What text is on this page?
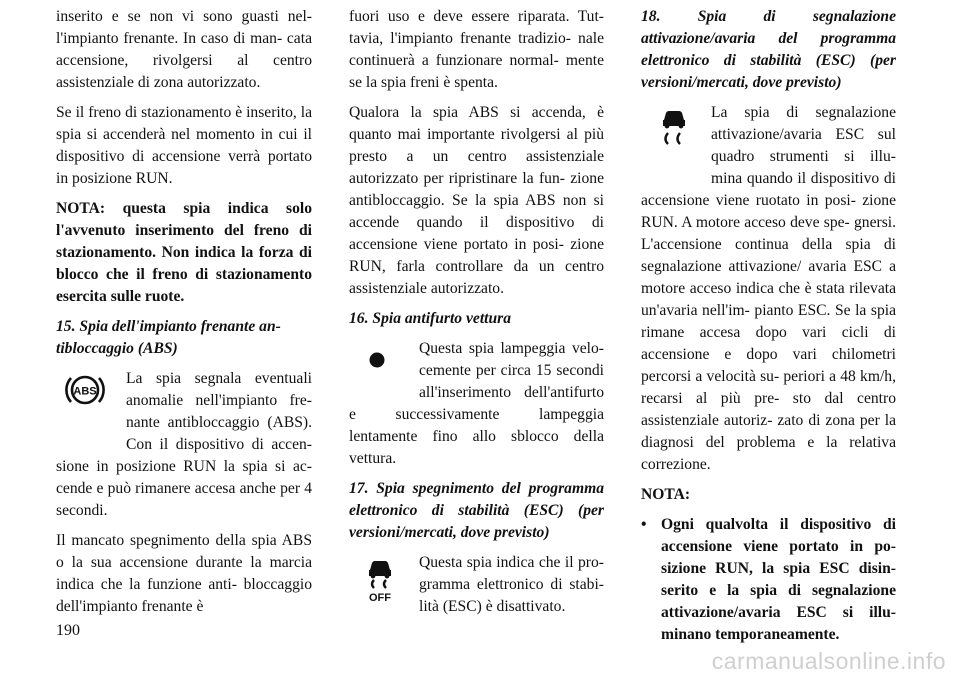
inserito e se non vi sono guasti nel- l'impianto frenante. In caso di man- cata accensione, rivolgersi al centro assistenziale di zona autorizzato.

Se il freno di stazionamento è inserito, la spia si accenderà nel momento in cui il dispositivo di accensione verrà portato in posizione RUN.

NOTA: questa spia indica solo l'avvenuto inserimento del freno di stazionamento. Non indica la forza di blocco che il freno di stazionamento esercita sulle ruote.

15. Spia dell'impianto frenante an- tibloccaggio (ABS)

ABS

La spia segnala eventuali anomalie nell'impianto fre- nante antibloccaggio (ABS). Con il dispositivo di accen- sione in posizione RUN la spia si ac- cende e può rimanere accesa anche per 4 secondi.

Il mancato spegnimento della spia ABS o la sua accensione durante la marcia indica che la funzione anti- bloccaggio dell'impianto frenante è

fuori uso e deve essere riparata. Tut- tavia, l'impianto frenante tradizio- nale continuerà a funzionare normal- mente se la spia freni è spenta.

Qualora la spia ABS si accenda, è quanto mai importante rivolgersi al più presto a un centro assistenziale autorizzato per ripristinare la fun- zione antibloccaggio. Se la spia ABS non si accende quando il dispositivo di accensione viene portato in posi- zione RUN, farla controllare da un centro assistenziale autorizzato.

16. Spia antifurto vettura

Questa spia lampeggia velo- cemente per circa 15 secondi all'inserimento dell'antifurto e successivamente lampeggia lentamente fino allo sblocco della vettura.

17. Spia spegnimento del programma elettronico di stabilità (ESC) (per versioni/mercati, dove previsto)

OFF

Questa spia indica che il pro- gramma elettronico di stabi- lità (ESC) è disattivato.

18. Spia di segnalazione attivazione/avaria del programma elettronico di stabilità (ESC) (per versioni/mercati, dove previsto)

La spia di segnalazione attivazione/avaria ESC sul quadro strumenti si illu- mina quando il dispositivo di accensione viene ruotato in posi- zione RUN. A motore acceso deve spe- gnersi. L'accensione continua della spia di segnalazione attivazione/ avaria ESC a motore acceso indica che è stata rilevata un'avaria nell'im- pianto ESC. Se la spia rimane accesa dopo vari cicli di accensione e dopo vari chilometri percorsi a velocità su- periori a 48 km/h, recarsi al più pre- sto dal centro assistenziale autoriz- zato di zona per la diagnosi del problema e la relativa correzione.

NOTA:

• Ogni qualvolta il dispositivo di accensione viene portato in po- sizione RUN, la spia ESC disin- serito e la spia di segnalazione attivazione/avaria ESC si illu- minano temporaneamente.
190
carmanualsonline.info
